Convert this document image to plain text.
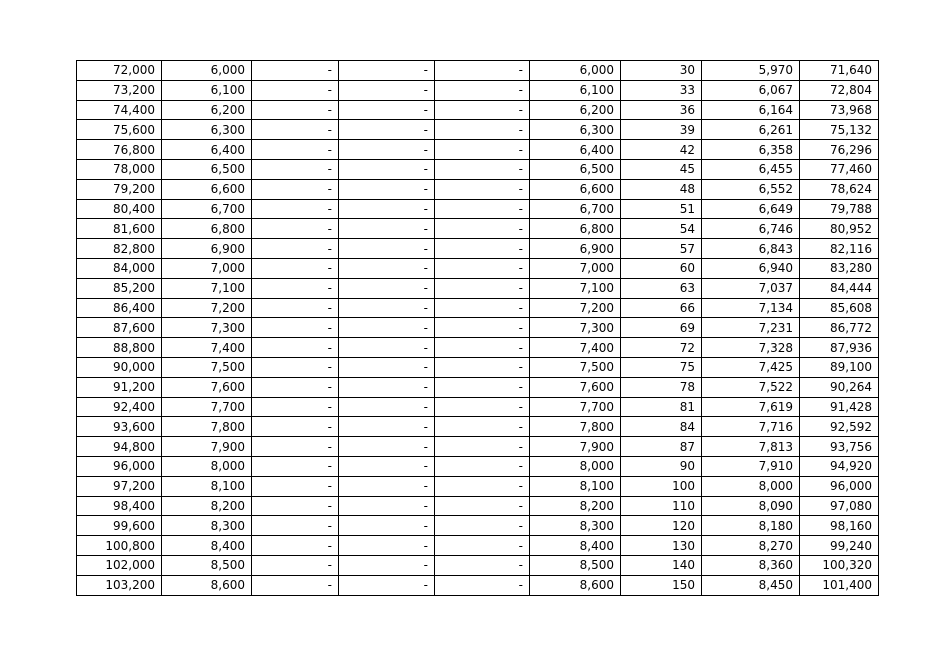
72,000	6,000	-	-	-	6,000	30	5,970	71,640
73,200	6,100	-	-	-	6,100	33	6,067	72,804
74,400	6,200	-	-	-	6,200	36	6,164	73,968
75,600	6,300	-	-	-	6,300	39	6,261	75,132
76,800	6,400	-	-	-	6,400	42	6,358	76,296
78,000	6,500	-	-	-	6,500	45	6,455	77,460
79,200	6,600	-	-	-	6,600	48	6,552	78,624
80,400	6,700	-	-	-	6,700	51	6,649	79,788
81,600	6,800	-	-	-	6,800	54	6,746	80,952
82,800	6,900	-	-	-	6,900	57	6,843	82,116
84,000	7,000	-	-	-	7,000	60	6,940	83,280
85,200	7,100	-	-	-	7,100	63	7,037	84,444
86,400	7,200	-	-	-	7,200	66	7,134	85,608
87,600	7,300	-	-	-	7,300	69	7,231	86,772
88,800	7,400	-	-	-	7,400	72	7,328	87,936
90,000	7,500	-	-	-	7,500	75	7,425	89,100
91,200	7,600	-	-	-	7,600	78	7,522	90,264
92,400	7,700	-	-	-	7,700	81	7,619	91,428
93,600	7,800	-	-	-	7,800	84	7,716	92,592
94,800	7,900	-	-	-	7,900	87	7,813	93,756
96,000	8,000	-	-	-	8,000	90	7,910	94,920
97,200	8,100	-	-	-	8,100	100	8,000	96,000
98,400	8,200	-	-	-	8,200	110	8,090	97,080
99,600	8,300	-	-	-	8,300	120	8,180	98,160
100,800	8,400	-	-	-	8,400	130	8,270	99,240
102,000	8,500	-	-	-	8,500	140	8,360	100,320
103,200	8,600	-	-	-	8,600	150	8,450	101,400
